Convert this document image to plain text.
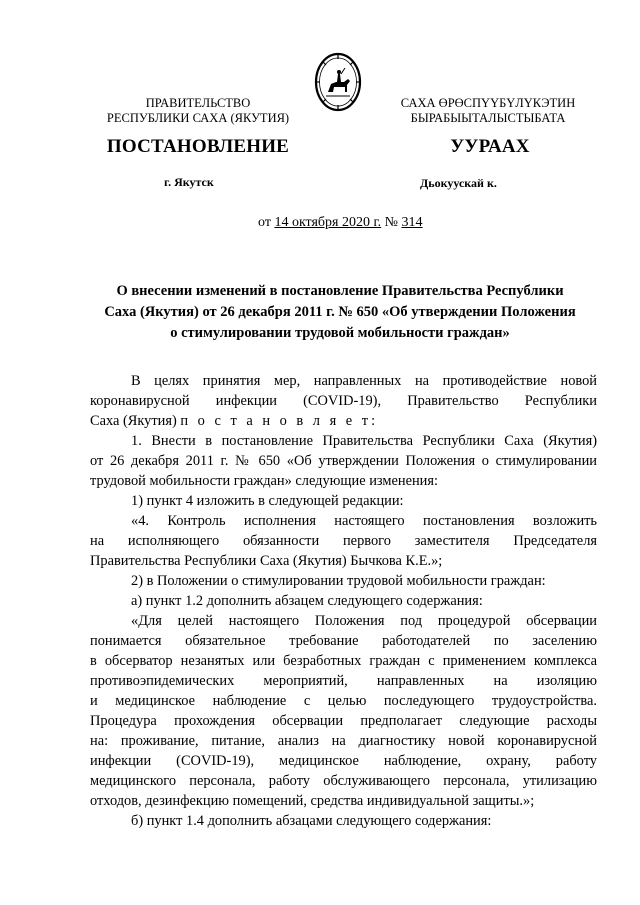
ПРАВИТЕЛЬСТВО
РЕСПУБЛИКИ САХА (ЯКУТИЯ)
САХА ӨРӨСПҮҮБҮЛҮКЭТИН
БЫРАБЫЫТАЛЫСТЫБАТА
ПОСТАНОВЛЕНИЕ	УУРААХ
г. Якутск	Дьокуускай к.
от 14 октября 2020 г. № 314
О внесении изменений в постановление Правительства Республики
Саха (Якутия) от 26 декабря 2011 г. № 650 «Об утверждении Положения
о стимулировании трудовой мобильности граждан»
В целях принятия мер, направленных на противодействие новой
коронавирусной инфекции (COVID-19), Правительство Республики
Саха (Якутия) п о с т а н о в л я е т:
1. Внести в постановление Правительства Республики Саха (Якутия)
от 26 декабря 2011 г. № 650 «Об утверждении Положения о стимулировании
трудовой мобильности граждан» следующие изменения:
1) пункт 4 изложить в следующей редакции:
«4. Контроль исполнения настоящего постановления возложить
на исполняющего обязанности первого заместителя Председателя
Правительства Республики Саха (Якутия) Бычкова К.Е.»;
2) в Положении о стимулировании трудовой мобильности граждан:
а) пункт 1.2 дополнить абзацем следующего содержания:
«Для целей настоящего Положения под процедурой обсервации
понимается обязательное требование работодателей по заселению
в обсерватор незанятых или безработных граждан с применением комплекса
противоэпидемических мероприятий, направленных на изоляцию
и медицинское наблюдение с целью последующего трудоустройства.
Процедура прохождения обсервации предполагает следующие расходы
на: проживание, питание, анализ на диагностику новой коронавирусной
инфекции (COVID-19), медицинское наблюдение, охрану, работу
медицинского персонала, работу обслуживающего персонала, утилизацию
отходов, дезинфекцию помещений, средства индивидуальной защиты.»;
б) пункт 1.4 дополнить абзацами следующего содержания:
